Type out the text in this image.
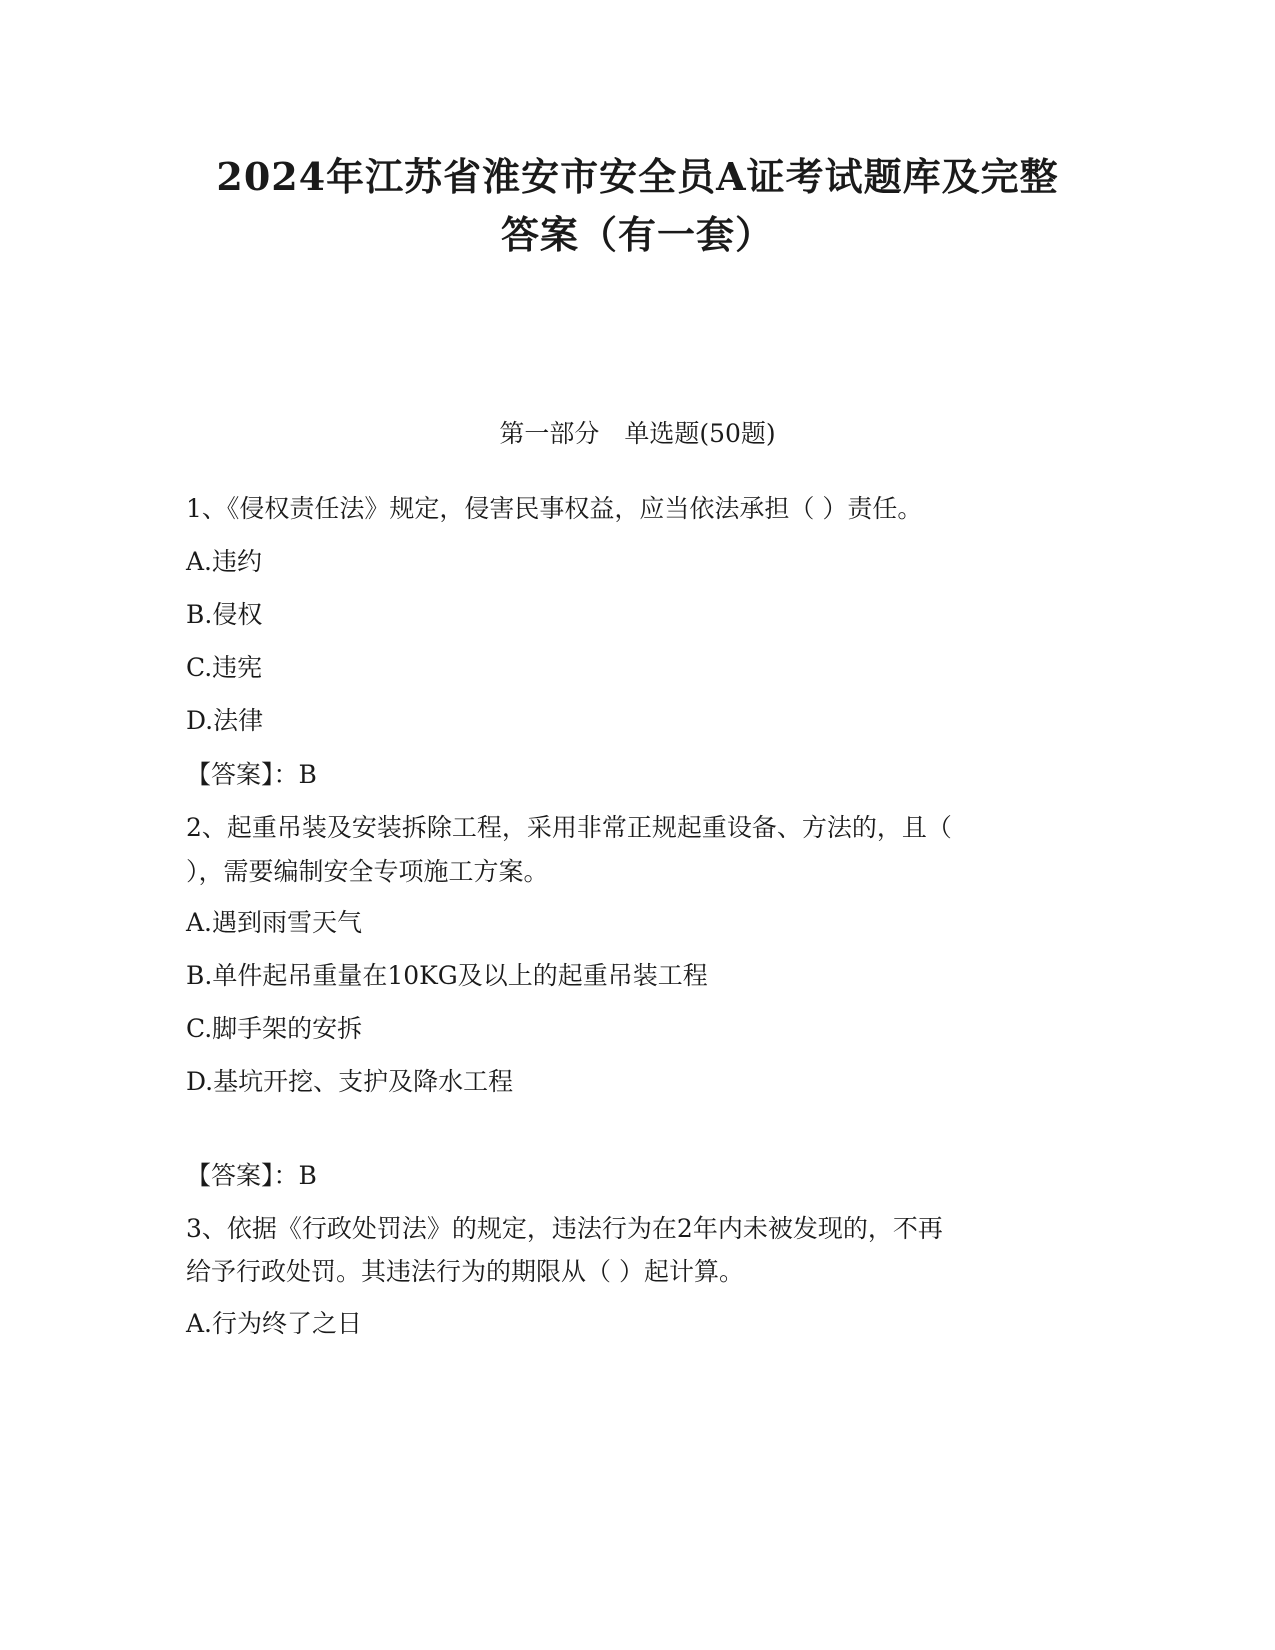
2024年江苏省淮安市安全员A证考试题库及完整
答案（有一套）

第一部分　单选题(50题)

1、《侵权责任法》规定，侵害民事权益，应当依法承担（ ）责任。

A.违约

B.侵权

C.违宪

D.法律

【答案】：B

2、起重吊装及安装拆除工程，采用非常正规起重设备、方法的，且（

），需要编制安全专项施工方案。

A.遇到雨雪天气

B.单件起吊重量在10KG及以上的起重吊装工程

C.脚手架的安拆

D.基坑开挖、支护及降水工程

【答案】：B

3、依据《行政处罚法》的规定，违法行为在2年内未被发现的，不再

给予行政处罚。其违法行为的期限从（ ）起计算。

A.行为终了之日
